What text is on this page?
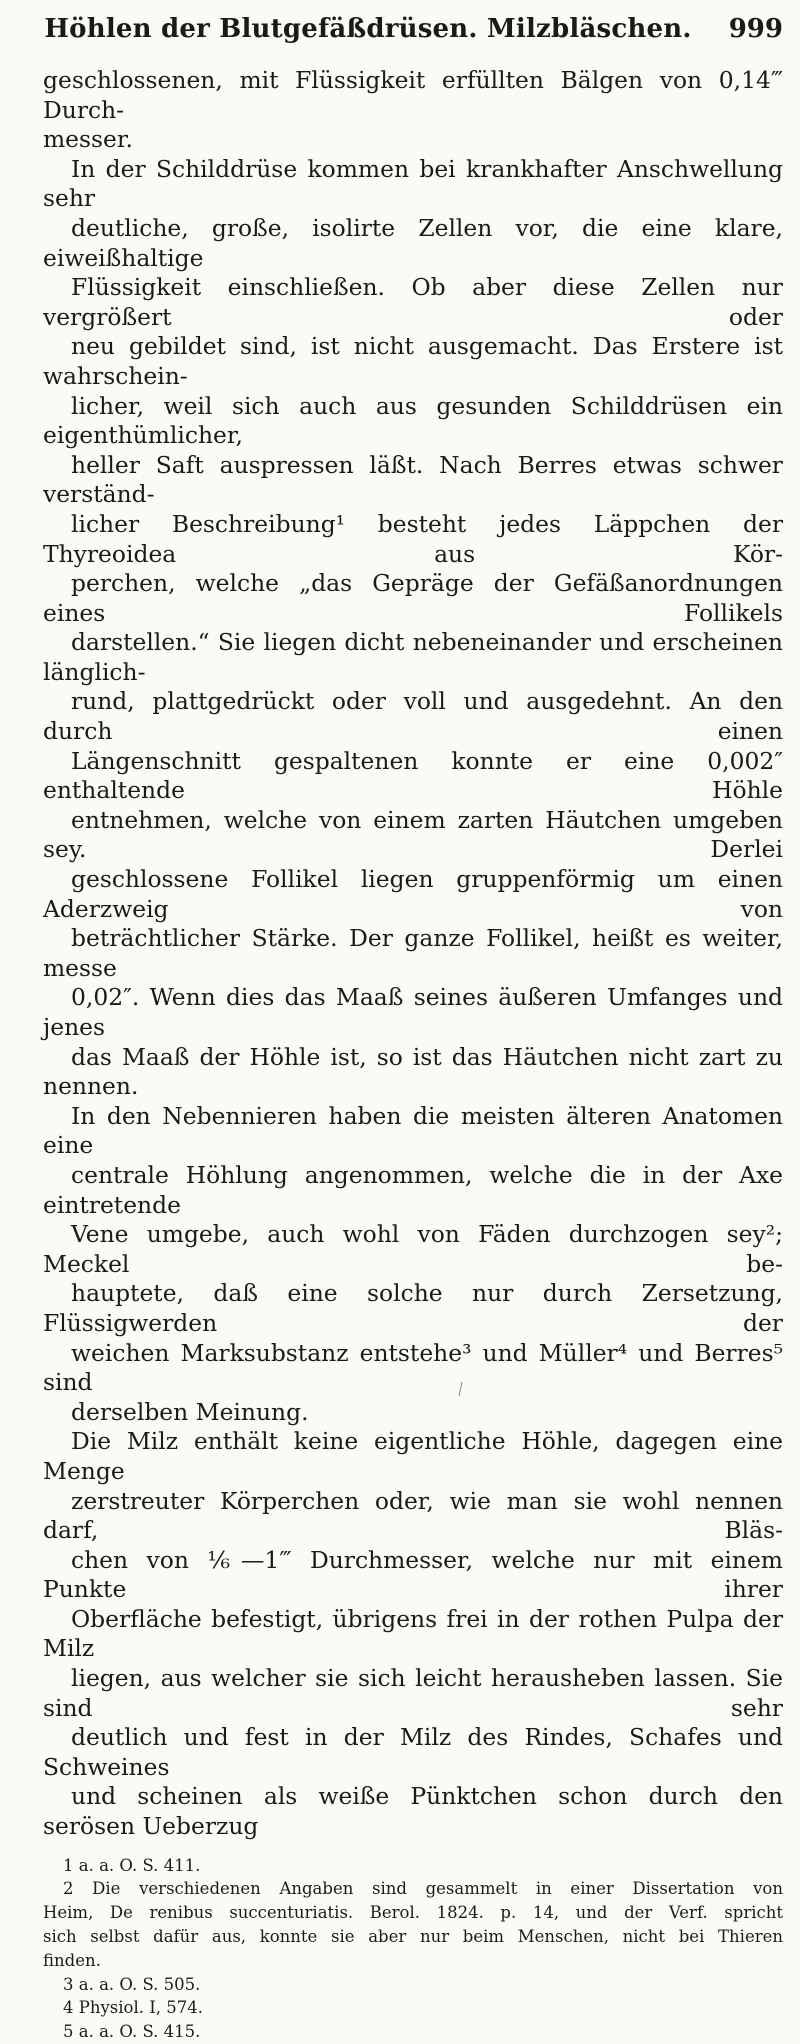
Höhlen der Blutgefäßdrüsen. Milzbläschen. 999

geschlossenen, mit Flüssigkeit erfüllten Bälgen von 0,14‴ Durch-
messer.

In der Schilddrüse kommen bei krankhafter Anschwellung sehr
deutliche, große, isolirte Zellen vor, die eine klare, eiweißhaltige
Flüssigkeit einschließen. Ob aber diese Zellen nur vergrößert oder
neu gebildet sind, ist nicht ausgemacht. Das Erstere ist wahrschein-
licher, weil sich auch aus gesunden Schilddrüsen ein eigenthümlicher,
heller Saft auspressen läßt. Nach Berres etwas schwer verständ-
licher Beschreibung¹ besteht jedes Läppchen der Thyreoidea aus Kör-
perchen, welche „das Gepräge der Gefäßanordnungen eines Follikels
darstellen.“ Sie liegen dicht nebeneinander und erscheinen länglich-
rund, plattgedrückt oder voll und ausgedehnt. An den durch einen
Längenschnitt gespaltenen konnte er eine 0,002″ enthaltende Höhle
entnehmen, welche von einem zarten Häutchen umgeben sey. Derlei
geschlossene Follikel liegen gruppenförmig um einen Aderzweig von
beträchtlicher Stärke. Der ganze Follikel, heißt es weiter, messe
0,02″. Wenn dies das Maaß seines äußeren Umfanges und jenes
das Maaß der Höhle ist, so ist das Häutchen nicht zart zu nennen.

In den Nebennieren haben die meisten älteren Anatomen eine
centrale Höhlung angenommen, welche die in der Axe eintretende
Vene umgebe, auch wohl von Fäden durchzogen sey²; Meckel be-
hauptete, daß eine solche nur durch Zersetzung, Flüssigwerden der
weichen Marksubstanz entstehe³ und Müller⁴ und Berres⁵ sind
derselben Meinung.

Die Milz enthält keine eigentliche Höhle, dagegen eine Menge
zerstreuter Körperchen oder, wie man sie wohl nennen darf, Bläs-
chen von ⅙—1‴ Durchmesser, welche nur mit einem Punkte ihrer
Oberfläche befestigt, übrigens frei in der rothen Pulpa der Milz
liegen, aus welcher sie sich leicht herausheben lassen. Sie sind sehr
deutlich und fest in der Milz des Rindes, Schafes und Schweines
und scheinen als weiße Pünktchen schon durch den serösen Ueberzug

1 a. a. O. S. 411.
2 Die verschiedenen Angaben sind gesammelt in einer Dissertation von
Heim, De renibus succenturiatis. Berol. 1824. p. 14, und der Verf. spricht
sich selbst dafür aus, konnte sie aber nur beim Menschen, nicht bei Thieren
finden.
3 a. a. O. S. 505.
4 Physiol. I, 574.
5 a. a. O. S. 415.
